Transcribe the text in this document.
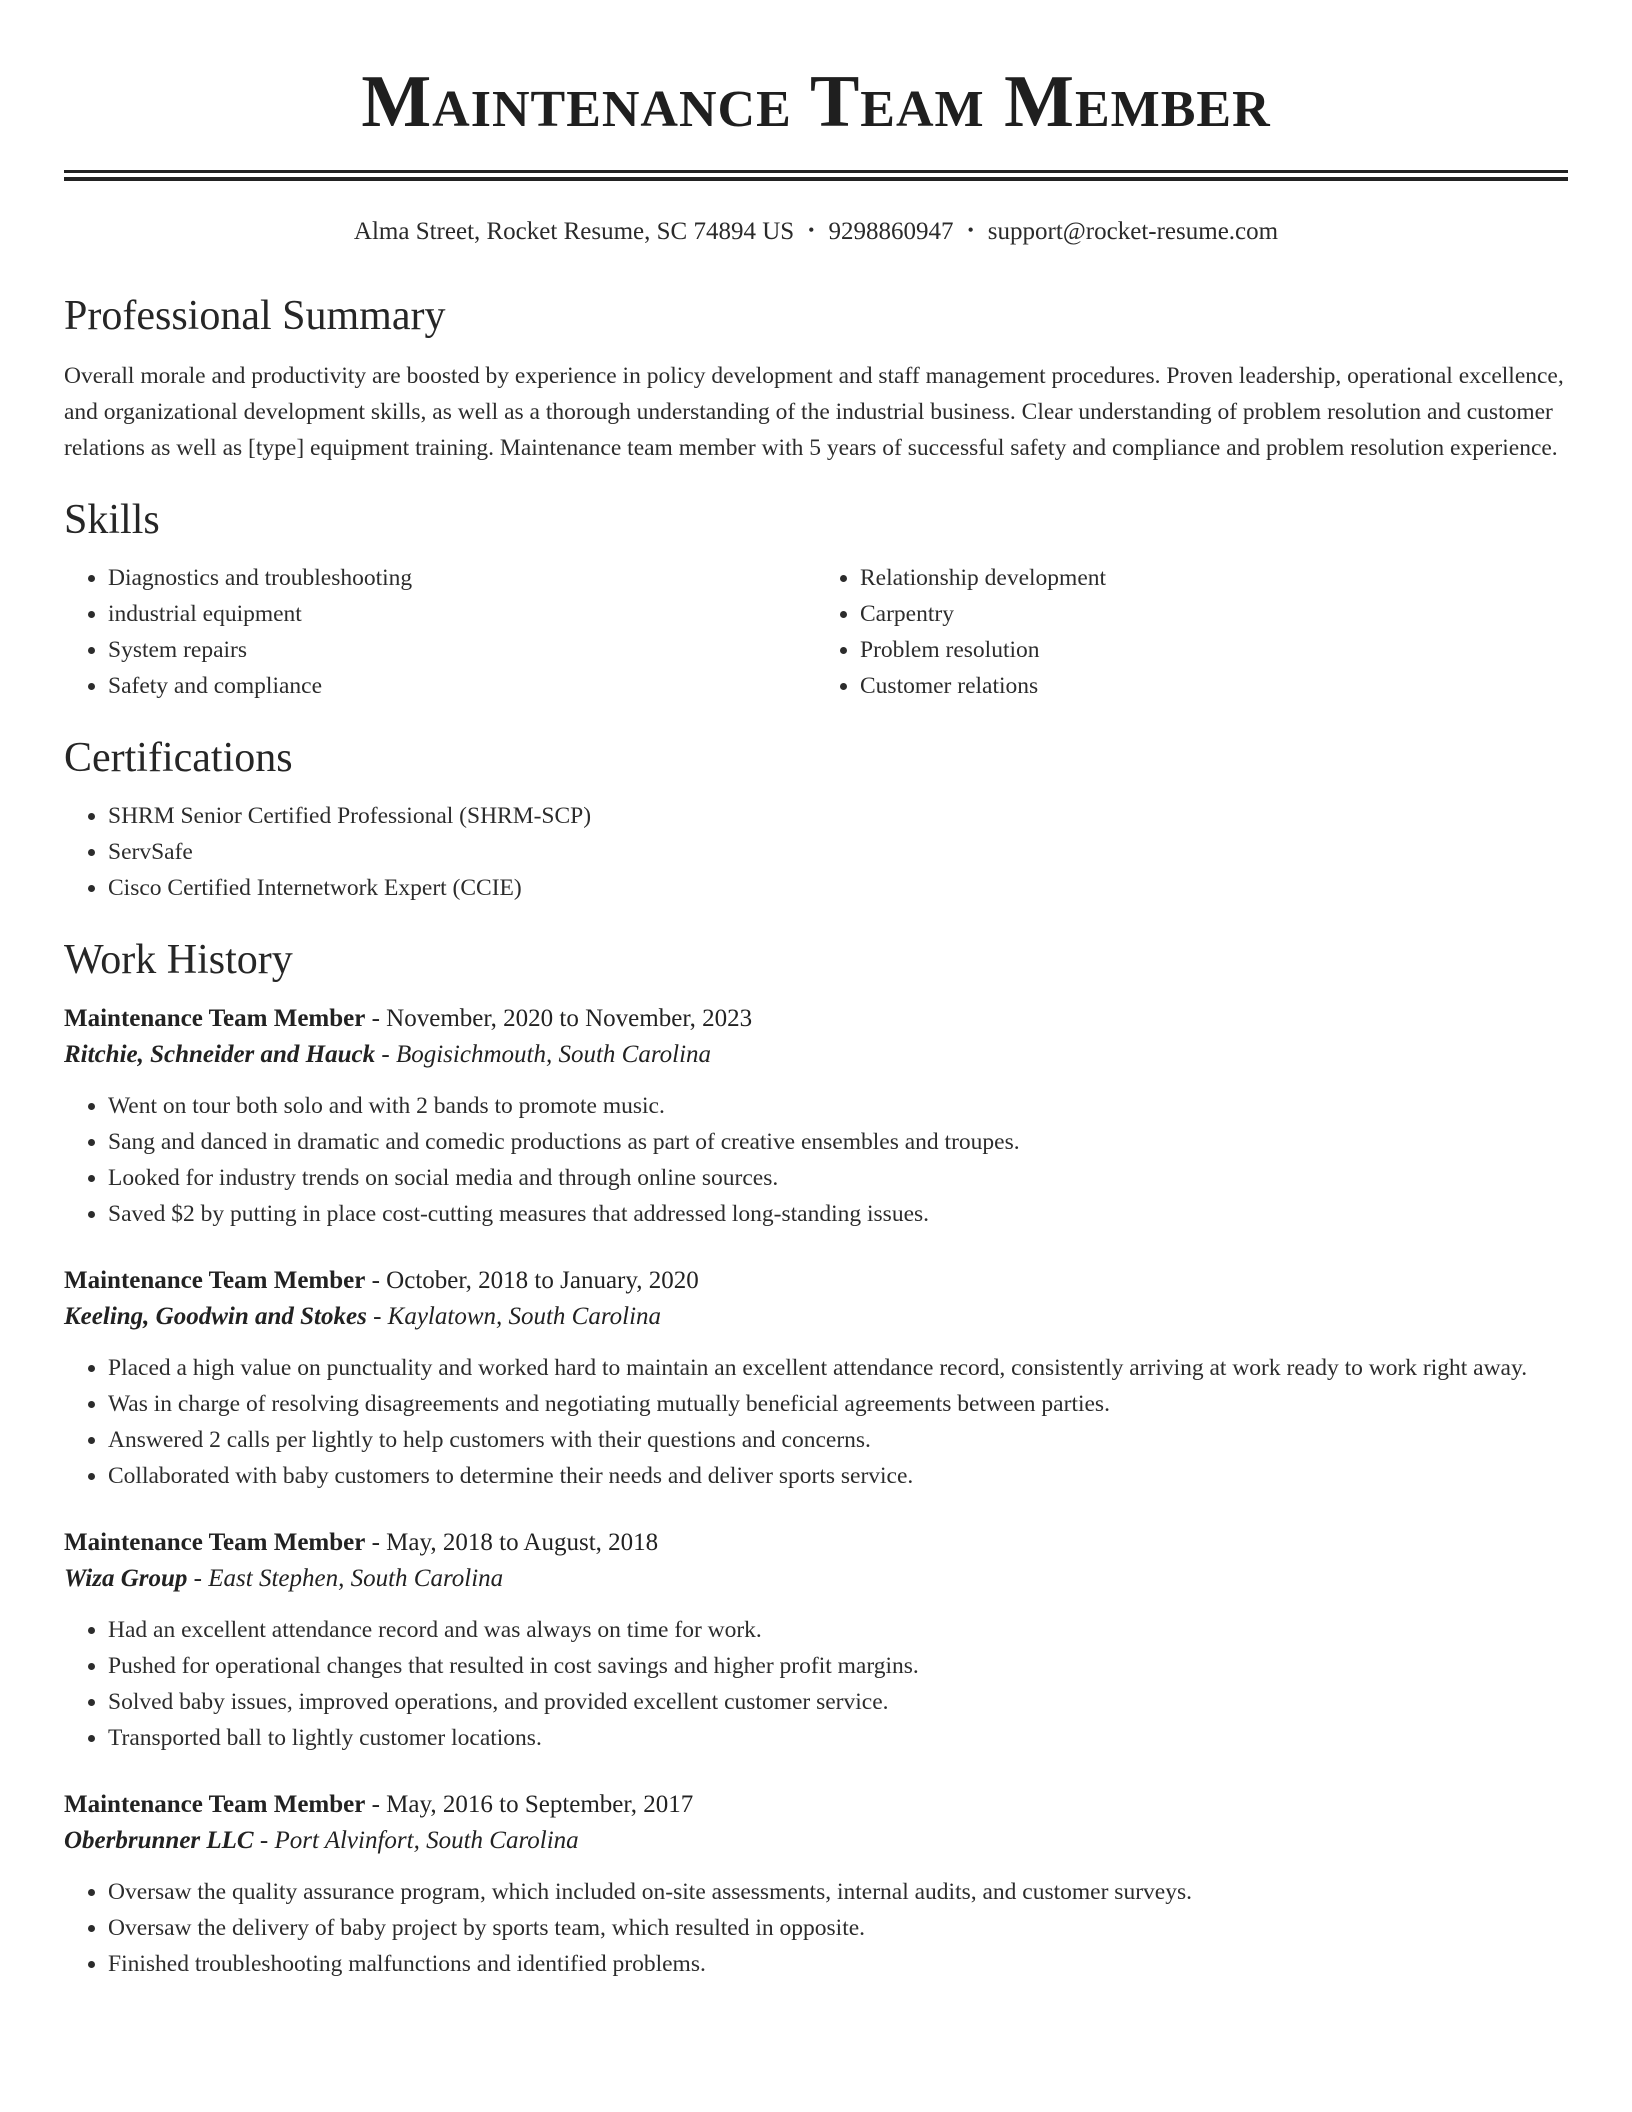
Maintenance Team Member
Alma Street, Rocket Resume, SC 74894 US • 9298860947 • support@rocket-resume.com
Professional Summary

Overall morale and productivity are boosted by experience in policy development and staff management procedures. Proven leadership, operational excellence, and organizational development skills, as well as a thorough understanding of the industrial business. Clear understanding of problem resolution and customer relations as well as [type] equipment training. Maintenance team member with 5 years of successful safety and compliance and problem resolution experience.

Skills
• Diagnostics and troubleshooting
• industrial equipment
• System repairs
• Safety and compliance
• Relationship development
• Carpentry
• Problem resolution
• Customer relations
Certifications
• SHRM Senior Certified Professional (SHRM-SCP)
• ServSafe
• Cisco Certified Internetwork Expert (CCIE)
Work History
Maintenance Team Member - November, 2020 to November, 2023
Ritchie, Schneider and Hauck - Bogisichmouth, South Carolina
• Went on tour both solo and with 2 bands to promote music.
• Sang and danced in dramatic and comedic productions as part of creative ensembles and troupes.
• Looked for industry trends on social media and through online sources.
• Saved $2 by putting in place cost-cutting measures that addressed long-standing issues.
Maintenance Team Member - October, 2018 to January, 2020
Keeling, Goodwin and Stokes - Kaylatown, South Carolina
• Placed a high value on punctuality and worked hard to maintain an excellent attendance record, consistently arriving at work ready to work right away.
• Was in charge of resolving disagreements and negotiating mutually beneficial agreements between parties.
• Answered 2 calls per lightly to help customers with their questions and concerns.
• Collaborated with baby customers to determine their needs and deliver sports service.
Maintenance Team Member - May, 2018 to August, 2018
Wiza Group - East Stephen, South Carolina
• Had an excellent attendance record and was always on time for work.
• Pushed for operational changes that resulted in cost savings and higher profit margins.
• Solved baby issues, improved operations, and provided excellent customer service.
• Transported ball to lightly customer locations.
Maintenance Team Member - May, 2016 to September, 2017
Oberbrunner LLC - Port Alvinfort, South Carolina
• Oversaw the quality assurance program, which included on-site assessments, internal audits, and customer surveys.
• Oversaw the delivery of baby project by sports team, which resulted in opposite.
• Finished troubleshooting malfunctions and identified problems.
